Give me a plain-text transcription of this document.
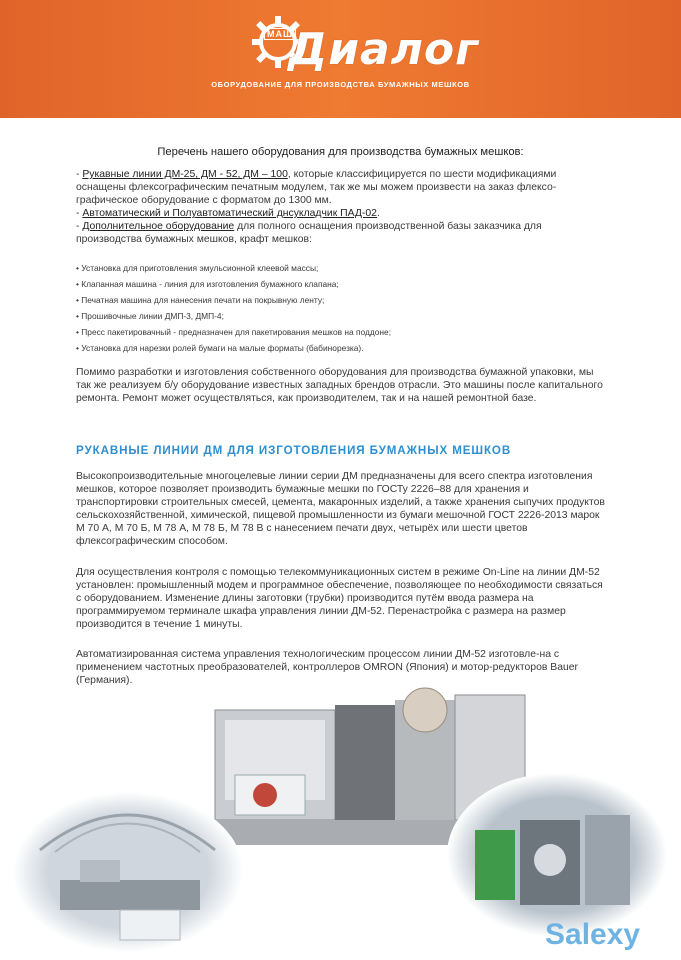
МАШ
Диалог
ОБОРУДОВАНИЕ ДЛЯ ПРОИЗВОДСТВА БУМАЖНЫХ МЕШКОВ
Перечень нашего оборудования для производства бумажных мешков:

- Рукавные линии ДМ-25, ДМ - 52, ДМ – 100, которые классифицируется по шести модификациями оснащены флексографическим печатным модулем, так же мы можем произвести на заказ флексо-графическое оборудование с форматом до 1300 мм.

- Автоматический и Полуавтоматический днсукладчик ПАД-02.

- Дополнительное оборудование для полного оснащения производственной базы заказчика для производства бумажных мешков, крафт мешков:

• Установка для приготовления эмульсионной клеевой массы;
• Клапанная машина - линия для изготовления бумажного клапана;
• Печатная машина для нанесения печати на покрывную ленту;
• Прошивочные линии ДМП-3, ДМП-4;
• Пресс пакетировачный - предназначен для пакетирования мешков на поддоне;
• Установка для нарезки ролей бумаги на малые форматы (бабинорезка).
Помимо разработки и изготовления собственного оборудования для производства бумажной упаковки, мы так же реализуем б/у оборудование известных западных брендов отрасли. Это машины после капитального ремонта. Ремонт может осуществляться, как производителем, так и на нашей ремонтной базе.
РУКАВНЫЕ ЛИНИИ ДМ ДЛЯ ИЗГОТОВЛЕНИЯ БУМАЖНЫХ МЕШКОВ
Высокопроизводительные многоцелевые линии серии ДМ предназначены для всего спектра изготовления мешков, которое позволяет производить бумажные мешки по ГОСТу 2226–88 для хранения и транспортировки строительных смесей, цемента, макаронных изделий, а также хранения сыпучих продуктов сельскохозяйственной, химической, пищевой промышленности из бумаги мешочной ГОСТ 2226-2013 марок М 70 А, М 70 Б, М 78 А, М 78 Б, М 78 В с нанесением печати двух, четырёх или шести цветов флексографическим способом.
Для осуществления контроля с помощью телекоммуникационных систем в режиме On-Line на линии ДМ-52 установлен: промышленный модем и программное обеспечение, позволяющее по необходимости связаться с оборудованием. Изменение длины заготовки (трубки) производится путём ввода размера на программируемом терминале шкафа управления линии ДМ-52. Перенастройка с размера на размер производится в течение 1 минуты.
Автоматизированная система управления технологическим процессом линии ДМ-52 изготовле-на с применением частотных преобразователей, контроллеров OMRON (Япония) и мотор-редукторов Bauer (Германия).
Salexy
